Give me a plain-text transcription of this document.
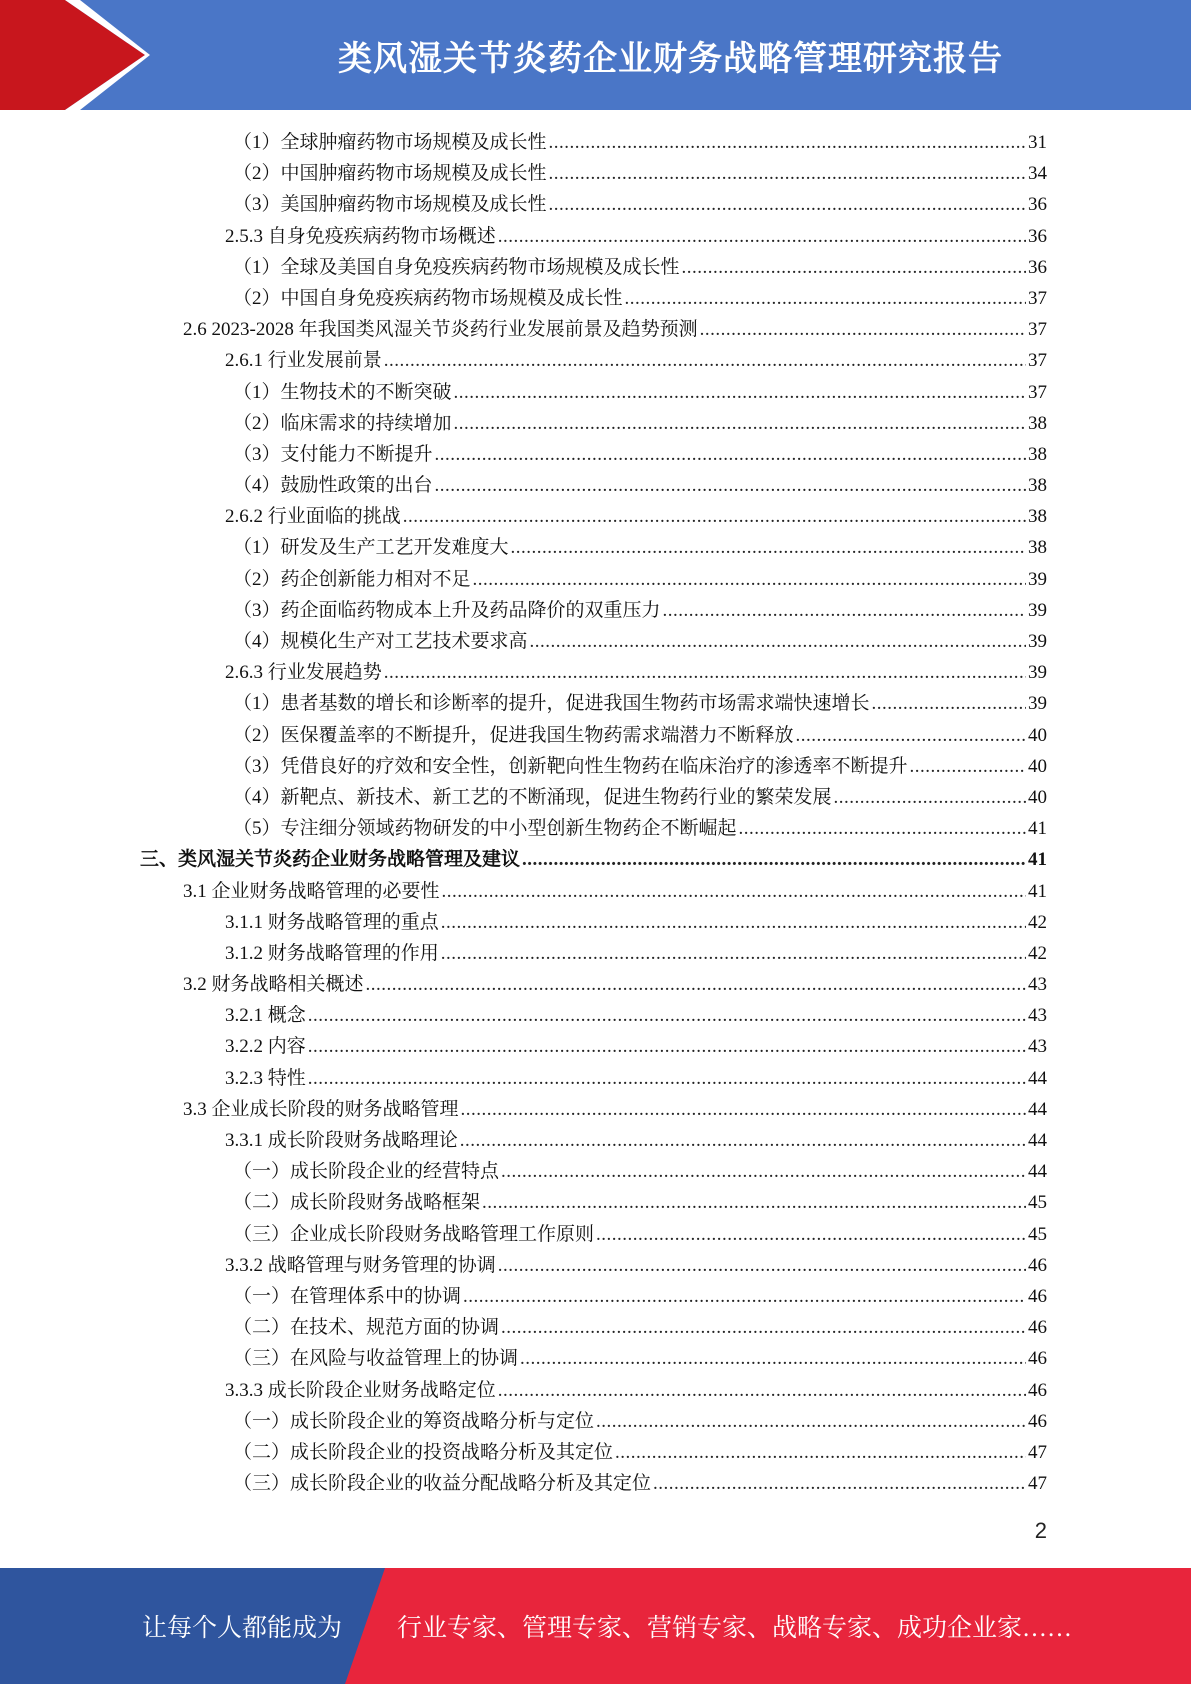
类风湿关节炎药企业财务战略管理研究报告
（1）全球肿瘤药物市场规模及成长性 .....	31
（2）中国肿瘤药物市场规模及成长性 .....	34
（3）美国肿瘤药物市场规模及成长性 .....	36
2.5.3 自身免疫疾病药物市场概述 .....	36
（1）全球及美国自身免疫疾病药物市场规模及成长性 .....	36
（2）中国自身免疫疾病药物市场规模及成长性 .....	37
2.6 2023-2028 年我国类风湿关节炎药行业发展前景及趋势预测 .....	37
2.6.1 行业发展前景 .....	37
（1）生物技术的不断突破 .....	37
（2）临床需求的持续增加 .....	38
（3）支付能力不断提升 .....	38
（4）鼓励性政策的出台 .....	38
2.6.2 行业面临的挑战 .....	38
（1）研发及生产工艺开发难度大 .....	38
（2）药企创新能力相对不足 .....	39
（3）药企面临药物成本上升及药品降价的双重压力 .....	39
（4）规模化生产对工艺技术要求高 .....	39
2.6.3 行业发展趋势 .....	39
（1）患者基数的增长和诊断率的提升，促进我国生物药市场需求端快速增长 .....	39
（2）医保覆盖率的不断提升，促进我国生物药需求端潜力不断释放 .....	40
（3）凭借良好的疗效和安全性，创新靶向性生物药在临床治疗的渗透率不断提升 .....	40
（4）新靶点、新技术、新工艺的不断涌现，促进生物药行业的繁荣发展 .....	40
（5）专注细分领域药物研发的中小型创新生物药企不断崛起 .....	41
三、类风湿关节炎药企业财务战略管理及建议 .....	41
3.1 企业财务战略管理的必要性 .....	41
3.1.1 财务战略管理的重点 .....	42
3.1.2 财务战略管理的作用 .....	42
3.2 财务战略相关概述 .....	43
3.2.1 概念 .....	43
3.2.2 内容 .....	43
3.2.3 特性 .....	44
3.3 企业成长阶段的财务战略管理 .....	44
3.3.1 成长阶段财务战略理论 .....	44
（一）成长阶段企业的经营特点 .....	44
（二）成长阶段财务战略框架 .....	45
（三）企业成长阶段财务战略管理工作原则 .....	45
3.3.2 战略管理与财务管理的协调 .....	46
（一）在管理体系中的协调 .....	46
（二）在技术、规范方面的协调 .....	46
（三）在风险与收益管理上的协调 .....	46
3.3.3 成长阶段企业财务战略定位 .....	46
（一）成长阶段企业的筹资战略分析与定位 .....	46
（二）成长阶段企业的投资战略分析及其定位 .....	47
（三）成长阶段企业的收益分配战略分析及其定位 .....	47
2
让每个人都能成为 行业专家、管理专家、营销专家、战略专家、成功企业家……
